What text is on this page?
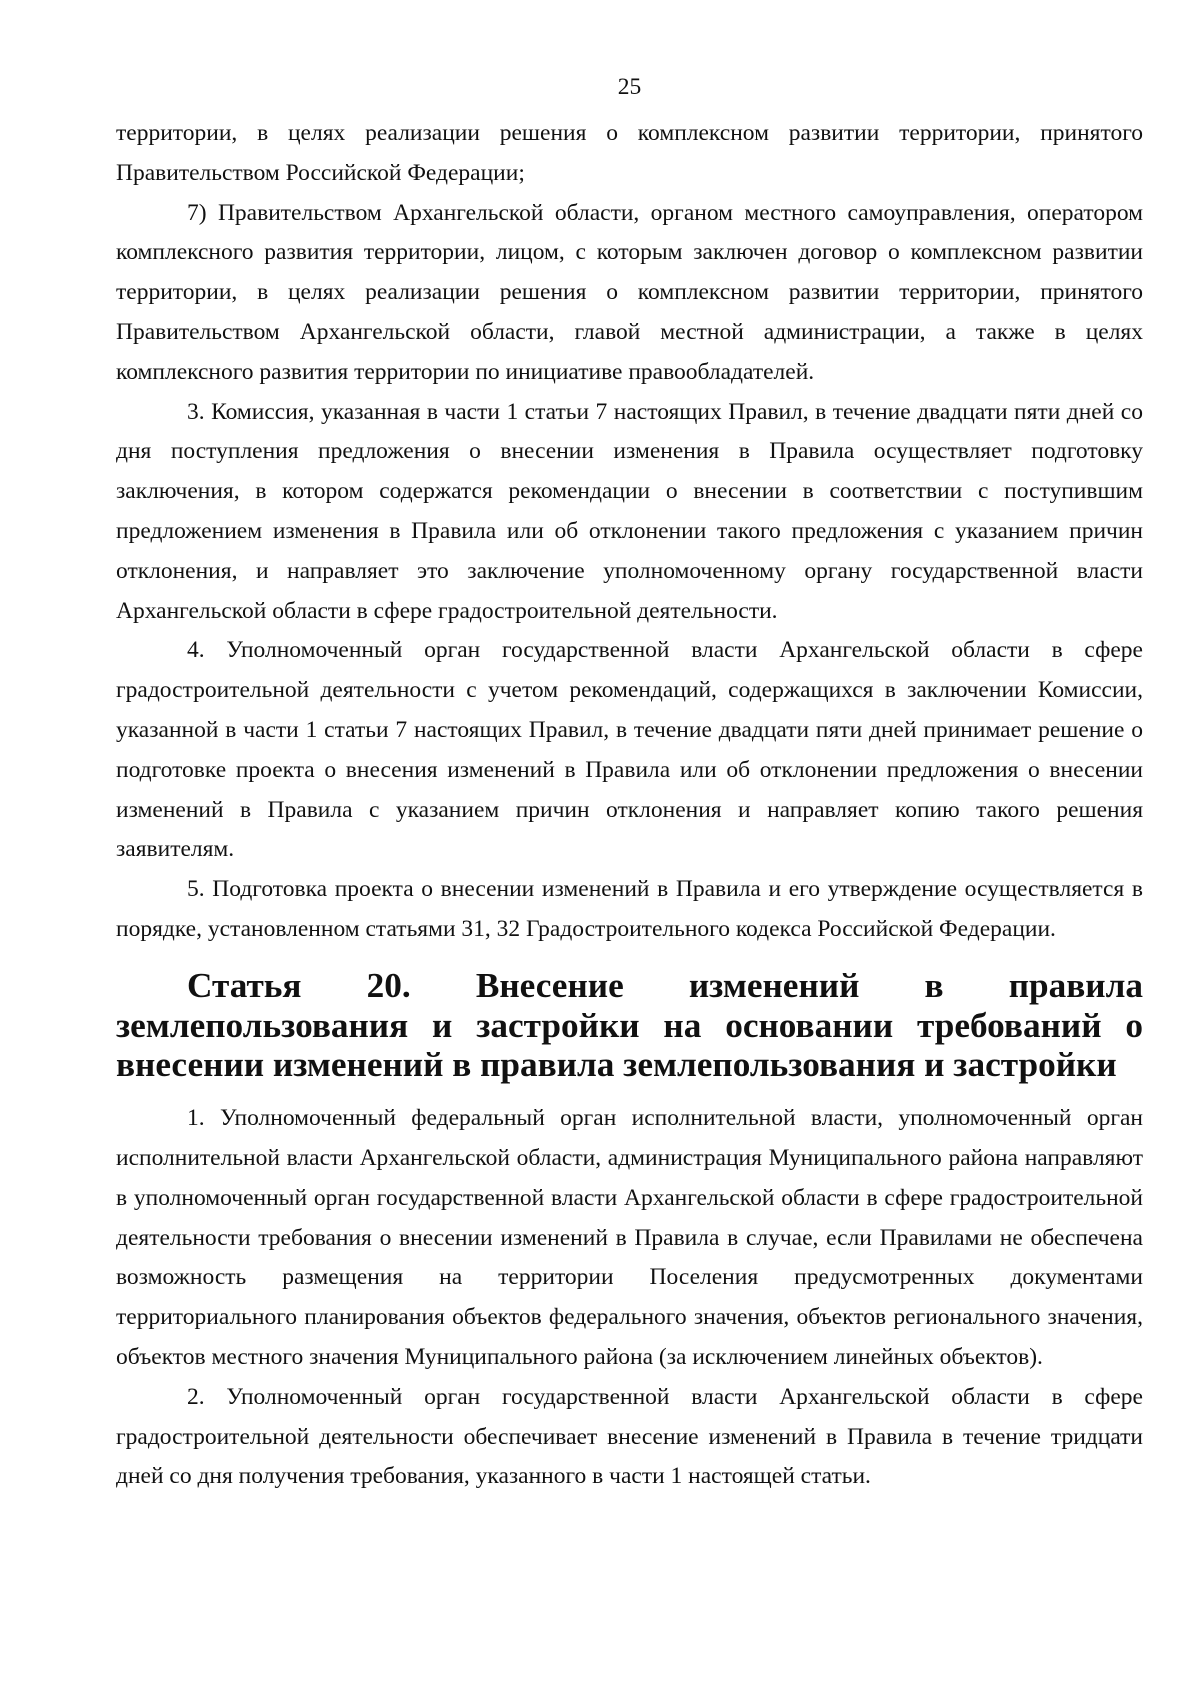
25

территории, в целях реализации решения о комплексном развитии территории, принятого Правительством Российской Федерации;

7) Правительством Архангельской области, органом местного самоуправления, оператором комплексного развития территории, лицом, с которым заключен договор о комплексном развитии территории, в целях реализации решения о комплексном развитии территории, принятого Правительством Архангельской области, главой местной администрации, а также в целях комплексного развития территории по инициативе правообладателей.

3. Комиссия, указанная в части 1 статьи 7 настоящих Правил, в течение двадцати пяти дней со дня поступления предложения о внесении изменения в Правила осуществляет подготовку заключения, в котором содержатся рекомендации о внесении в соответствии с поступившим предложением изменения в Правила или об отклонении такого предложения с указанием причин отклонения, и направляет это заключение уполномоченному органу государственной власти Архангельской области в сфере градостроительной деятельности.

4. Уполномоченный орган государственной власти Архангельской области в сфере градостроительной деятельности с учетом рекомендаций, содержащихся в заключении Комиссии, указанной в части 1 статьи 7 настоящих Правил, в течение двадцати пяти дней принимает решение о подготовке проекта о внесения изменений в Правила или об отклонении предложения о внесении изменений в Правила с указанием причин отклонения и направляет копию такого решения заявителям.

5. Подготовка проекта о внесении изменений в Правила и его утверждение осуществляется в порядке, установленном статьями 31, 32 Градостроительного кодекса Российской Федерации.

Статья 20. Внесение изменений в правила землепользования и застройки на основании требований о внесении изменений в правила землепользования и застройки

1. Уполномоченный федеральный орган исполнительной власти, уполномоченный орган исполнительной власти Архангельской области, администрация Муниципального района направляют в уполномоченный орган государственной власти Архангельской области в сфере градостроительной деятельности требования о внесении изменений в Правила в случае, если Правилами не обеспечена возможность размещения на территории Поселения предусмотренных документами территориального планирования объектов федерального значения, объектов регионального значения, объектов местного значения Муниципального района (за исключением линейных объектов).

2. Уполномоченный орган государственной власти Архангельской области в сфере градостроительной деятельности обеспечивает внесение изменений в Правила в течение тридцати дней со дня получения требования, указанного в части 1 настоящей статьи.
